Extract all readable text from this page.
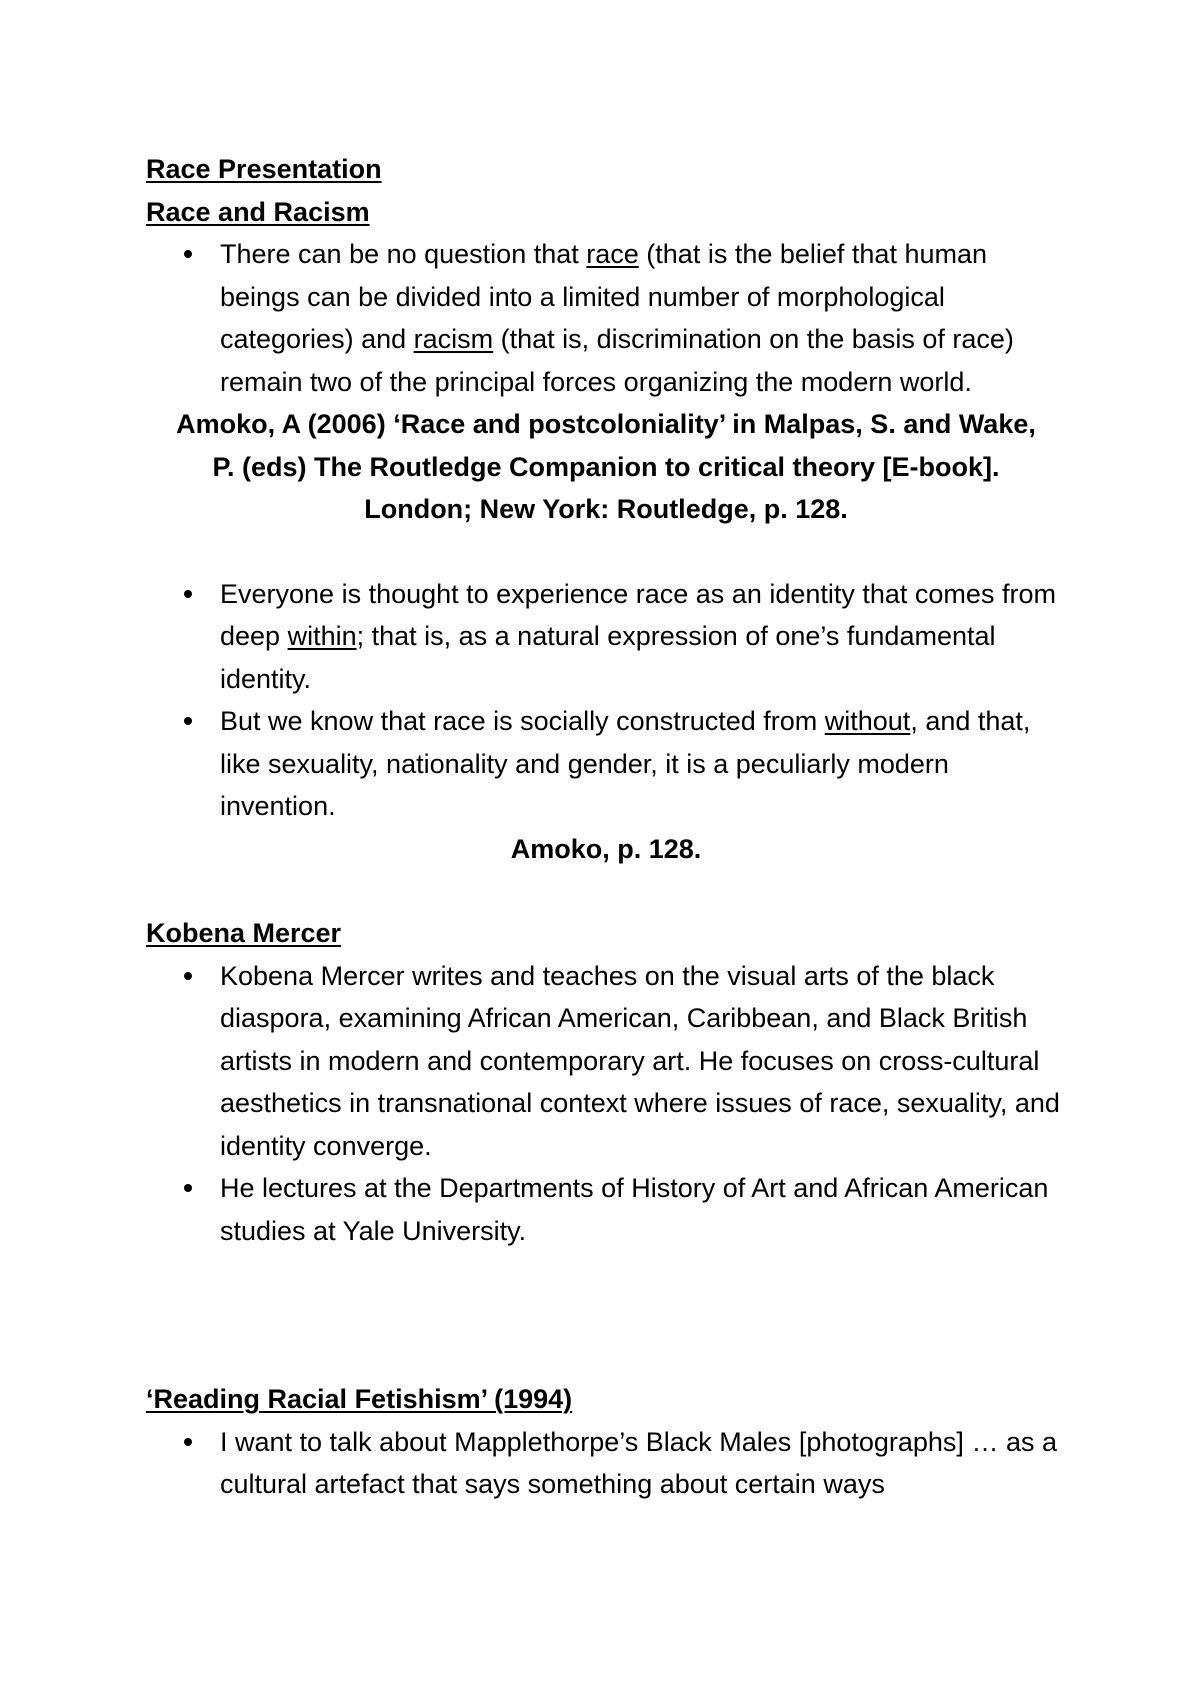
Race Presentation
Race and Racism
There can be no question that race (that is the belief that human beings can be divided into a limited number of morphological categories) and racism (that is, discrimination on the basis of race) remain two of the principal forces organizing the modern world.
Amoko, A (2006) ‘Race and postcoloniality’ in Malpas, S. and Wake,
P. (eds) The Routledge Companion to critical theory [E-book].
London; New York: Routledge, p. 128.
Everyone is thought to experience race as an identity that comes from deep within; that is, as a natural expression of one’s fundamental identity.
But we know that race is socially constructed from without, and that, like sexuality, nationality and gender, it is a peculiarly modern invention.
Amoko, p. 128.
Kobena Mercer
Kobena Mercer writes and teaches on the visual arts of the black diaspora, examining African American, Caribbean, and Black British artists in modern and contemporary art. He focuses on cross-cultural aesthetics in transnational context where issues of race, sexuality, and identity converge.
He lectures at the Departments of History of Art and African American studies at Yale University.
‘Reading Racial Fetishism’ (1994)
I want to talk about Mapplethorpe’s Black Males [photographs] … as a cultural artefact that says something about certain ways
